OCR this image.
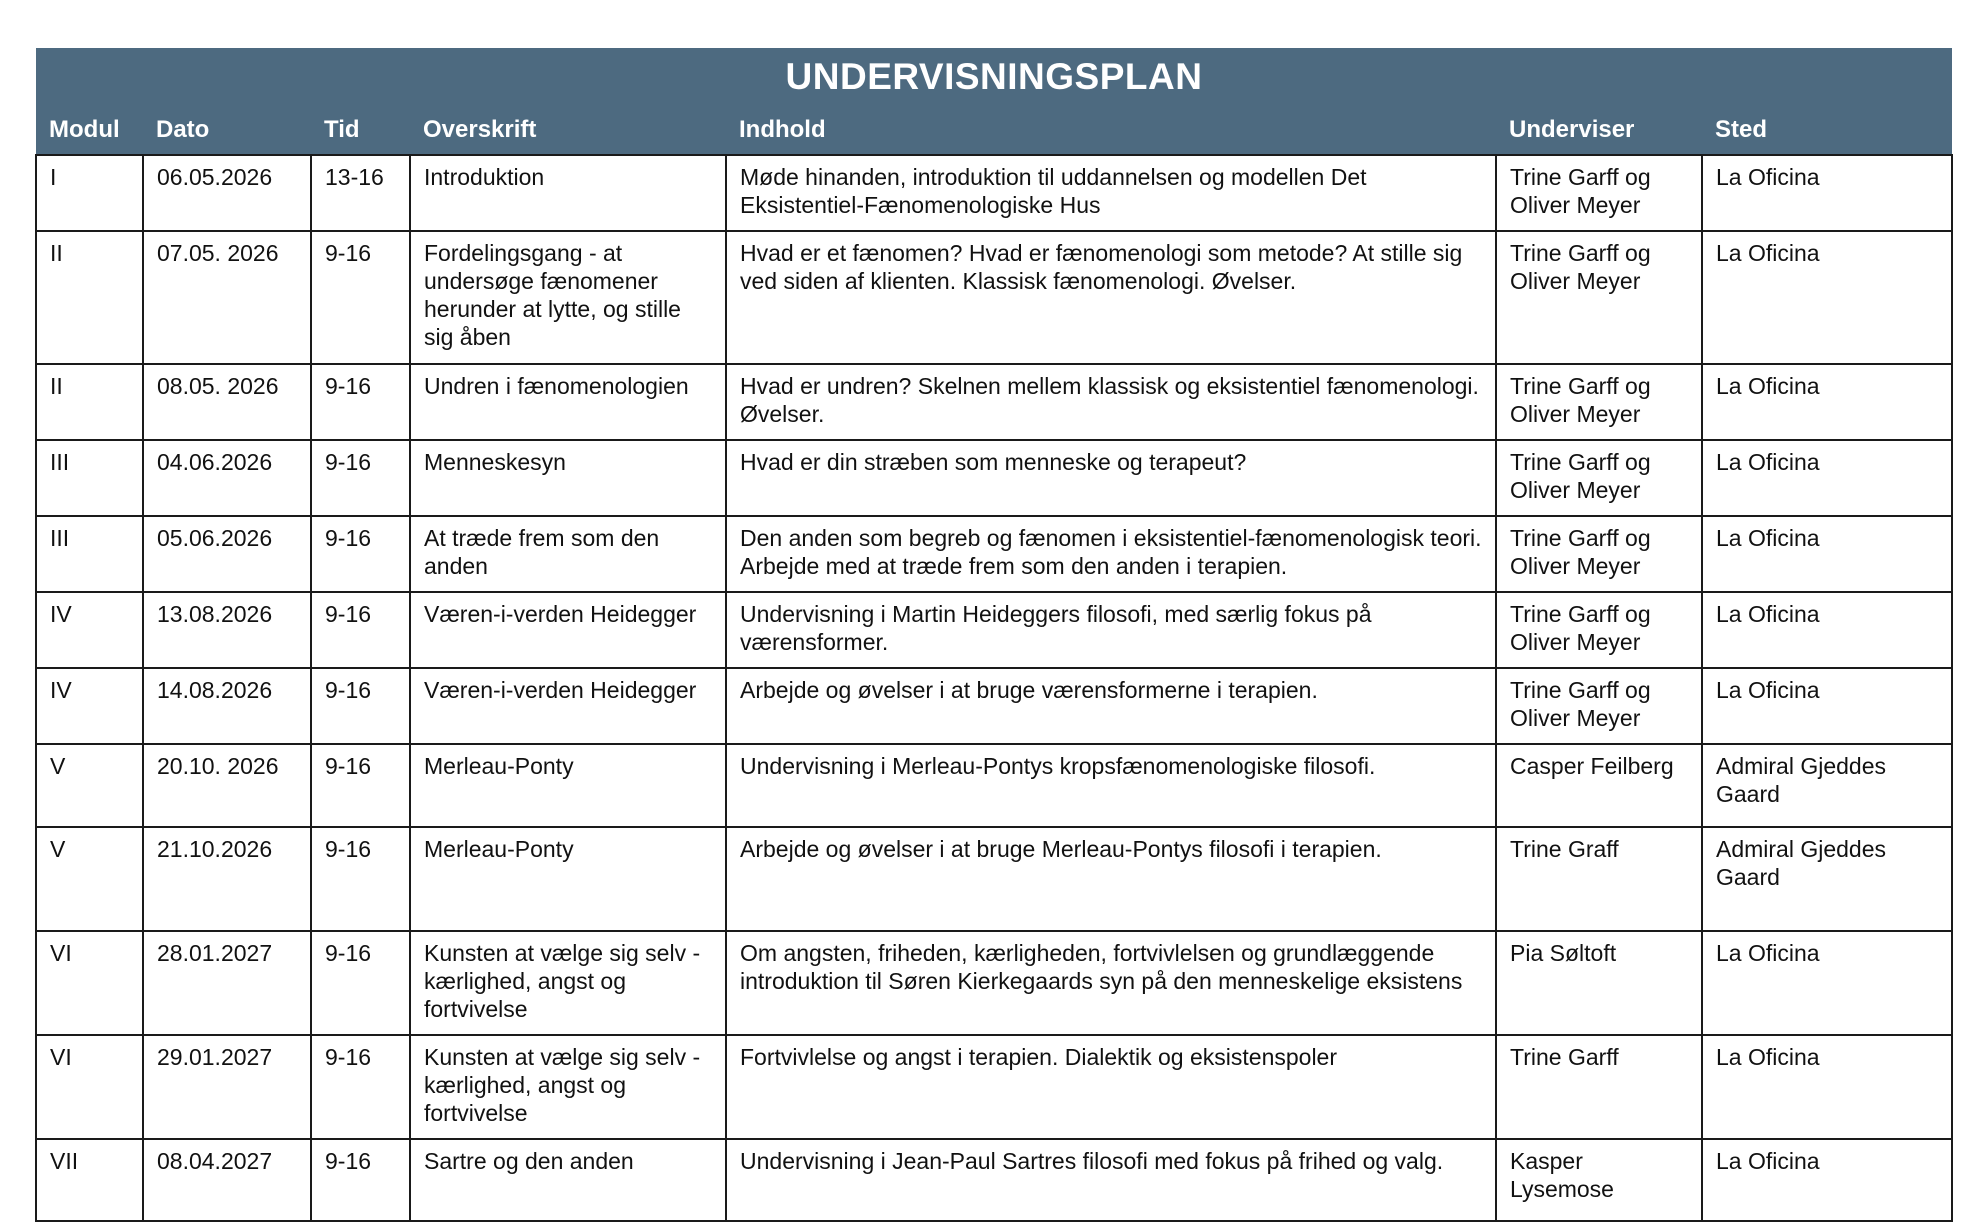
UNDERVISNINGSPLAN						
Modul	Dato	Tid	Overskrift	Indhold	Underviser	Sted
I	06.05.2026	13-16	Introduktion	Møde hinanden, introduktion til uddannelsen og modellen Det Eksistentiel-Fænomenologiske Hus	Trine Garff og Oliver Meyer	La Oficina
II	07.05. 2026	9-16	Fordelingsgang - at undersøge fænomener herunder at lytte, og stille sig åben	Hvad er et fænomen? Hvad er fænomenologi som metode? At stille sig ved siden af klienten. Klassisk fænomenologi. Øvelser.	Trine Garff og Oliver Meyer	La Oficina
II	08.05. 2026	9-16	Undren i fænomenologien	Hvad er undren? Skelnen mellem klassisk og eksistentiel fænomenologi. Øvelser.	Trine Garff og Oliver Meyer	La Oficina
III	04.06.2026	9-16	Menneskesyn	Hvad er din stræben som menneske og terapeut?	Trine Garff og Oliver Meyer	La Oficina
III	05.06.2026	9-16	At træde frem som den anden	Den anden som begreb og fænomen i eksistentiel-fænomenologisk teori. Arbejde med at træde frem som den anden i terapien.	Trine Garff og Oliver Meyer	La Oficina
IV	13.08.2026	9-16	Væren-i-verden Heidegger	Undervisning i Martin Heideggers filosofi, med særlig fokus på værensformer.	Trine Garff og Oliver Meyer	La Oficina
IV	14.08.2026	9-16	Væren-i-verden Heidegger	Arbejde og øvelser i at bruge værensformerne i terapien.	Trine Garff og Oliver Meyer	La Oficina
V	20.10. 2026	9-16	Merleau-Ponty	Undervisning i Merleau-Pontys kropsfænomenologiske filosofi.	Casper Feilberg	Admiral Gjeddes Gaard
V	21.10.2026	9-16	Merleau-Ponty	Arbejde og øvelser i at bruge Merleau-Pontys filosofi i terapien.	Trine Graff	Admiral Gjeddes Gaard
VI	28.01.2027	9-16	Kunsten at vælge sig selv - kærlighed, angst og fortvivelse	Om angsten, friheden, kærligheden, fortvivlelsen og grundlæggende introduktion til Søren Kierkegaards syn på den menneskelige eksistens	Pia Søltoft	La Oficina
VI	29.01.2027	9-16	Kunsten at vælge sig selv - kærlighed, angst og fortvivelse	Fortvivlelse og angst i terapien. Dialektik og eksistenspoler	Trine Garff	La Oficina
VII	08.04.2027	9-16	Sartre og den anden	Undervisning i Jean-Paul Sartres filosofi med fokus på frihed og valg.	Kasper Lysemose	La Oficina
